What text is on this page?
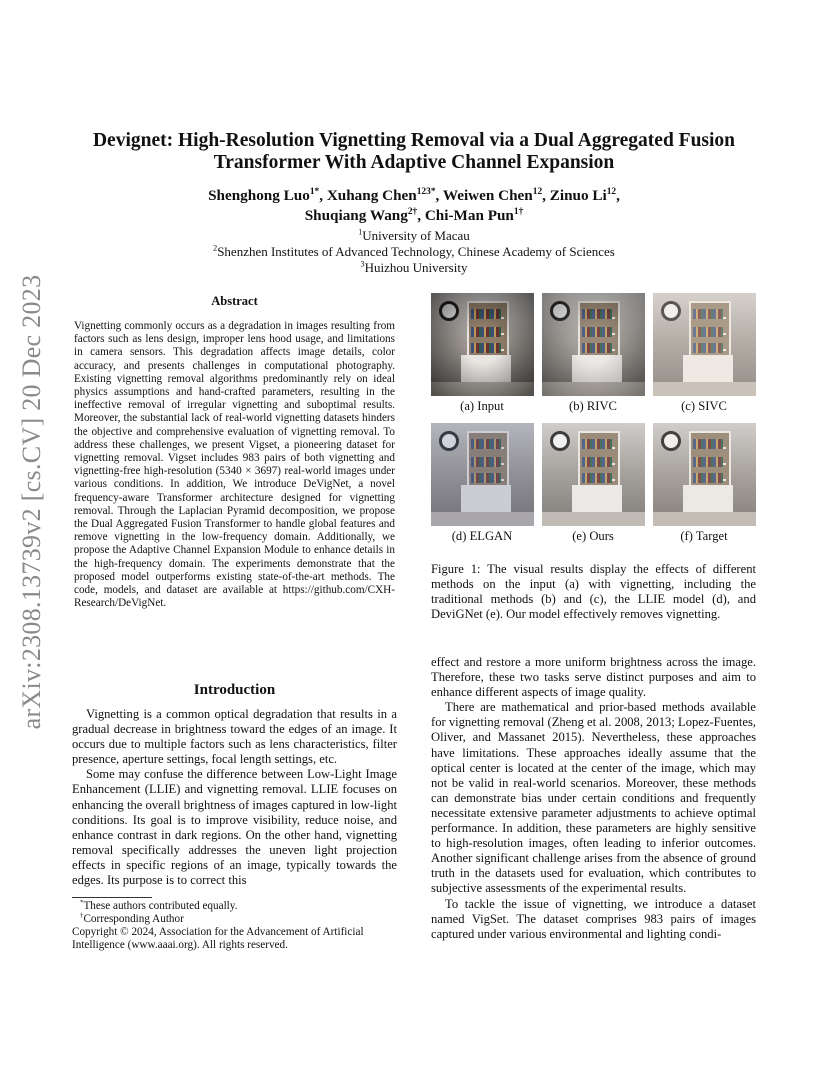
arXiv:2308.13739v2 [cs.CV] 20 Dec 2023
Devignet: High-Resolution Vignetting Removal via a Dual Aggregated Fusion
Transformer With Adaptive Channel Expansion
Shenghong Luo$^{1*}$, Xuhang Chen$^{123*}$, Weiwen Chen$^{12}$, Zinuo Li$^{12}$,
Shuqiang Wang$^{2\dagger}$, Chi-Man Pun$^{1\dagger}$
$^1$University of Macau
$^2$Shenzhen Institutes of Advanced Technology, Chinese Academy of Sciences
$^3$Huizhou University
Abstract
Vignetting commonly occurs as a degradation in images resulting from factors such as lens design, improper lens hood usage, and limitations in camera sensors. This degradation affects image details, color accuracy, and presents challenges in computational photography. Existing vignetting removal algorithms predominantly rely on ideal physics assumptions and hand-crafted parameters, resulting in the ineffective removal of irregular vignetting and suboptimal results. Moreover, the substantial lack of real-world vignetting datasets hinders the objective and comprehensive evaluation of vignetting removal. To address these challenges, we present Vigset, a pioneering dataset for vignetting removal. Vigset includes 983 pairs of both vignetting and vignetting-free high-resolution (5340 × 3697) real-world images under various conditions. In addition, We introduce DeVigNet, a novel frequency-aware Transformer architecture designed for vignetting removal. Through the Laplacian Pyramid decomposition, we propose the Dual Aggregated Fusion Transformer to handle global features and remove vignetting in the low-frequency domain. Additionally, we propose the Adaptive Channel Expansion Module to enhance details in the high-frequency domain. The experiments demonstrate that the proposed model outperforms existing state-of-the-art methods. The code, models, and dataset are available at https://github.com/CXH-Research/DeVigNet.
Introduction

Vignetting is a common optical degradation that results in a gradual decrease in brightness toward the edges of an image. It occurs due to multiple factors such as lens characteristics, filter presence, aperture settings, focal length settings, etc.

Some may confuse the difference between Low-Light Image Enhancement (LLIE) and vignetting removal. LLIE focuses on enhancing the overall brightness of images captured in low-light conditions. Its goal is to improve visibility, reduce noise, and enhance contrast in dark regions. On the other hand, vignetting removal specifically addresses the uneven light projection effects in specific regions of an image, typically towards the edges. Its purpose is to correct this

*These authors contributed equally.
†Corresponding Author
Copyright © 2024, Association for the Advancement of Artificial Intelligence (www.aaai.org). All rights reserved.
(a) Input	(b) RIVC	(c) SIVC
(d) ELGAN	(e) Ours	(f) Target
Figure 1: The visual results display the effects of different methods on the input (a) with vignetting, including the traditional methods (b) and (c), the LLIE model (d), and DeviGNet (e). Our model effectively removes vignetting.

effect and restore a more uniform brightness across the image. Therefore, these two tasks serve distinct purposes and aim to enhance different aspects of image quality.

There are mathematical and prior-based methods available for vignetting removal (Zheng et al. 2008, 2013; Lopez-Fuentes, Oliver, and Massanet 2015). Nevertheless, these approaches have limitations. These approaches ideally assume that the optical center is located at the center of the image, which may not be valid in real-world scenarios. Moreover, these methods can demonstrate bias under certain conditions and frequently necessitate extensive parameter adjustments to achieve optimal performance. In addition, these parameters are highly sensitive to high-resolution images, often leading to inferior outcomes. Another significant challenge arises from the absence of ground truth in the datasets used for evaluation, which contributes to subjective assessments of the experimental results.

To tackle the issue of vignetting, we introduce a dataset named VigSet. The dataset comprises 983 pairs of images captured under various environmental and lighting condi-
